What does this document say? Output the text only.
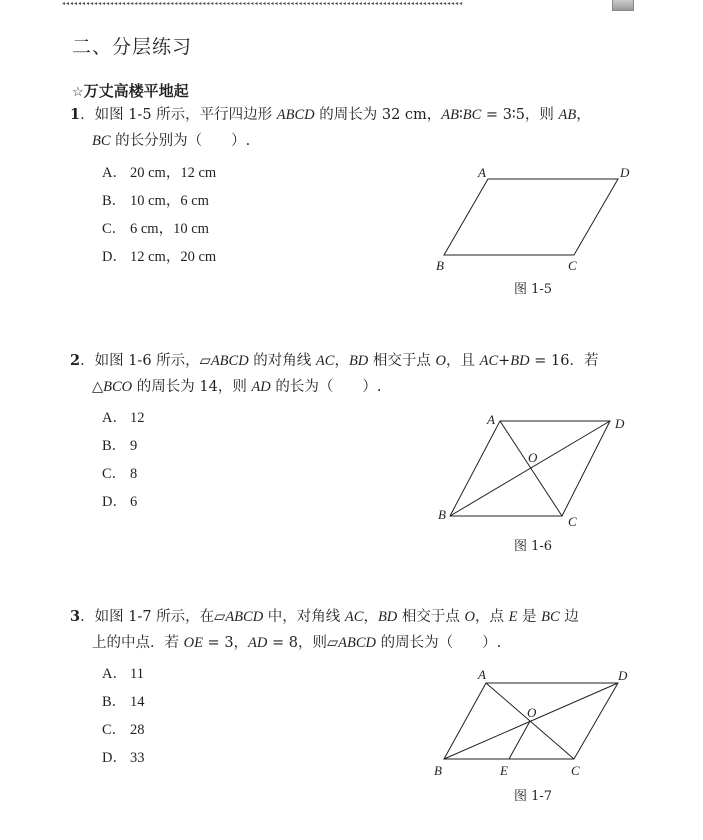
◂◂◂◂◂◂◂◂◂◂◂◂◂◂◂◂◂◂◂◂◂◂◂◂◂◂◂◂◂◂◂◂◂◂◂◂◂◂◂◂◂◂◂◂◂◂◂◂◂◂◂◂◂◂◂◂◂◂◂◂◂◂◂◂◂◂◂◂◂◂◂◂◂◂◂◂◂◂◂◂◂◂◂◂◂◂◂◂◂◂◂◂◂◂◂◂◂◂◂◂
二、分层练习
☆万丈高楼平地起
1．如图 1-5 所示，平行四边形 ABCD 的周长为 32 cm，AB∶BC = 3∶5，则 AB，
BC 的长分别为（　　）.
A． 20 cm，12 cm
B． 10 cm，6 cm
C． 6 cm，10 cm
D． 12 cm，20 cm
A	D
B	C
图 1-5
2．如图 1-6 所示，▱ABCD 的对角线 AC，BD 相交于点 O，且 AC+BD = 16．若
△BCO 的周长为 14，则 AD 的长为（　　）.
A． 12
B． 9
C． 8
D． 6
A	D
B	C
O
图 1-6
3．如图 1-7 所示，在▱ABCD 中，对角线 AC，BD 相交于点 O，点 E 是 BC 边
上的中点．若 OE = 3，AD = 8，则▱ABCD 的周长为（　　）.
A． 11
B． 14
C． 28
D． 33
A	D
B	E	C
O
图 1-7
